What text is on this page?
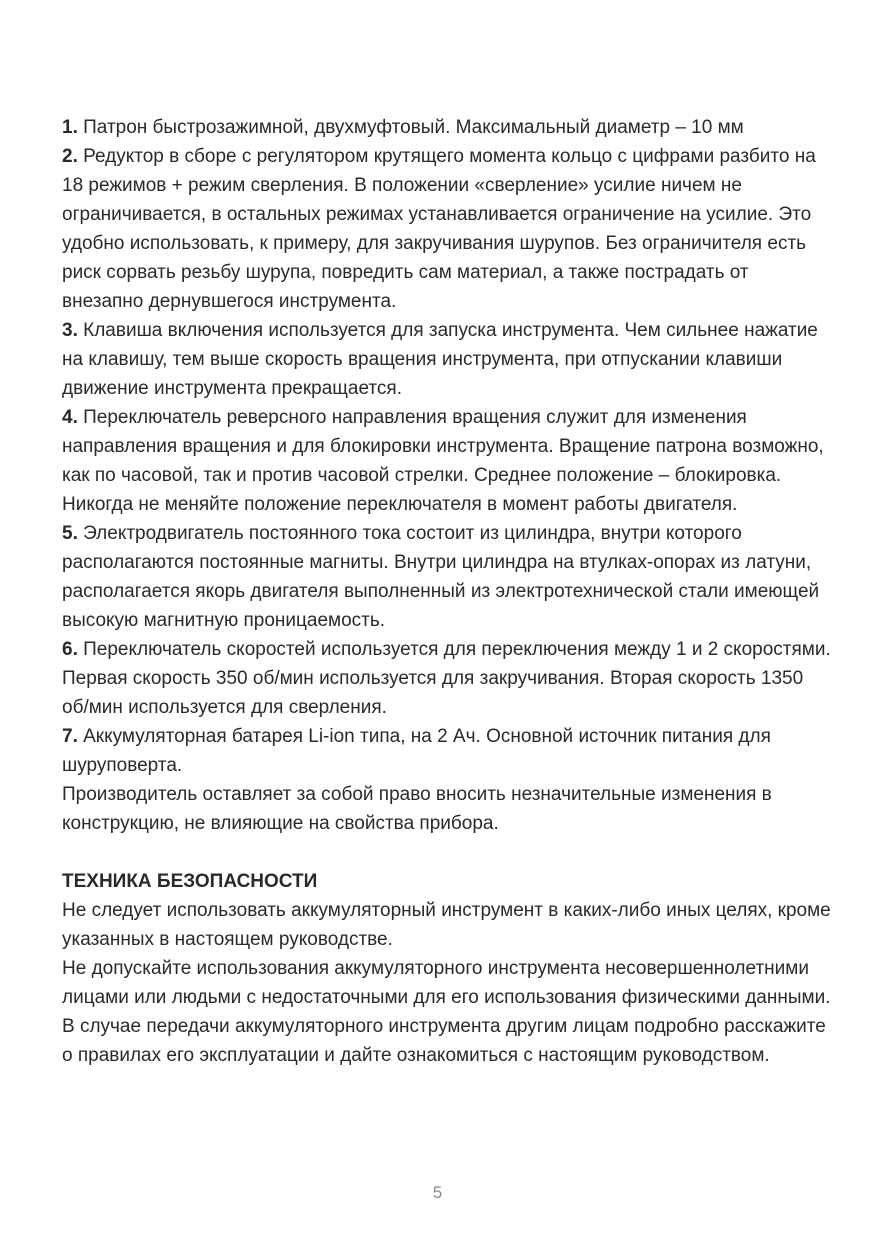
1. Патрон быстрозажимной, двухмуфтовый. Максимальный диаметр – 10 мм

2. Редуктор в сборе с регулятором крутящего момента кольцо с цифрами разбито на 18 режимов + режим сверления. В положении «сверление» усилие ничем не ограничивается, в остальных режимах устанавливается ограничение на усилие. Это удобно использовать, к примеру, для закручивания шурупов. Без ограничителя есть риск сорвать резьбу шурупа, повредить сам материал, а также пострадать от внезапно дернувшегося инструмента.

3. Клавиша включения используется для запуска инструмента. Чем сильнее нажатие на клавишу, тем выше скорость вращения инструмента, при отпускании клавиши движение инструмента прекращается.

4. Переключатель реверсного направления вращения служит для изменения направления вращения и для блокировки инструмента. Вращение патрона возможно, как по часовой, так и против часовой стрелки. Среднее положение – блокировка. Никогда не меняйте положение переключателя в момент работы двигателя.

5. Электродвигатель постоянного тока состоит из цилиндра, внутри которого располагаются постоянные магниты. Внутри цилиндра на втулках-опорах из латуни, располагается якорь двигателя выполненный из электротехнической стали имеющей высокую магнитную проницаемость.

6. Переключатель скоростей используется для переключения между 1 и 2 скоростями. Первая скорость 350 об/мин используется для закручивания. Вторая скорость 1350 об/мин используется для сверления.

7. Аккумуляторная батарея Li-ion типа, на 2 Ач. Основной источник питания для шуруповерта.

Производитель оставляет за собой право вносить незначительные изменения в конструкцию, не влияющие на свойства прибора.

ТЕХНИКА БЕЗОПАСНОСТИ

Не следует использовать аккумуляторный инструмент в каких-либо иных целях, кроме указанных в настоящем руководстве.

Не допускайте использования аккумуляторного инструмента несовершеннолетними лицами или людьми с недостаточными для его использования физическими данными. В случае передачи аккумуляторного инструмента другим лицам подробно расскажите о правилах его эксплуатации и дайте ознакомиться с настоящим руководством.

5
